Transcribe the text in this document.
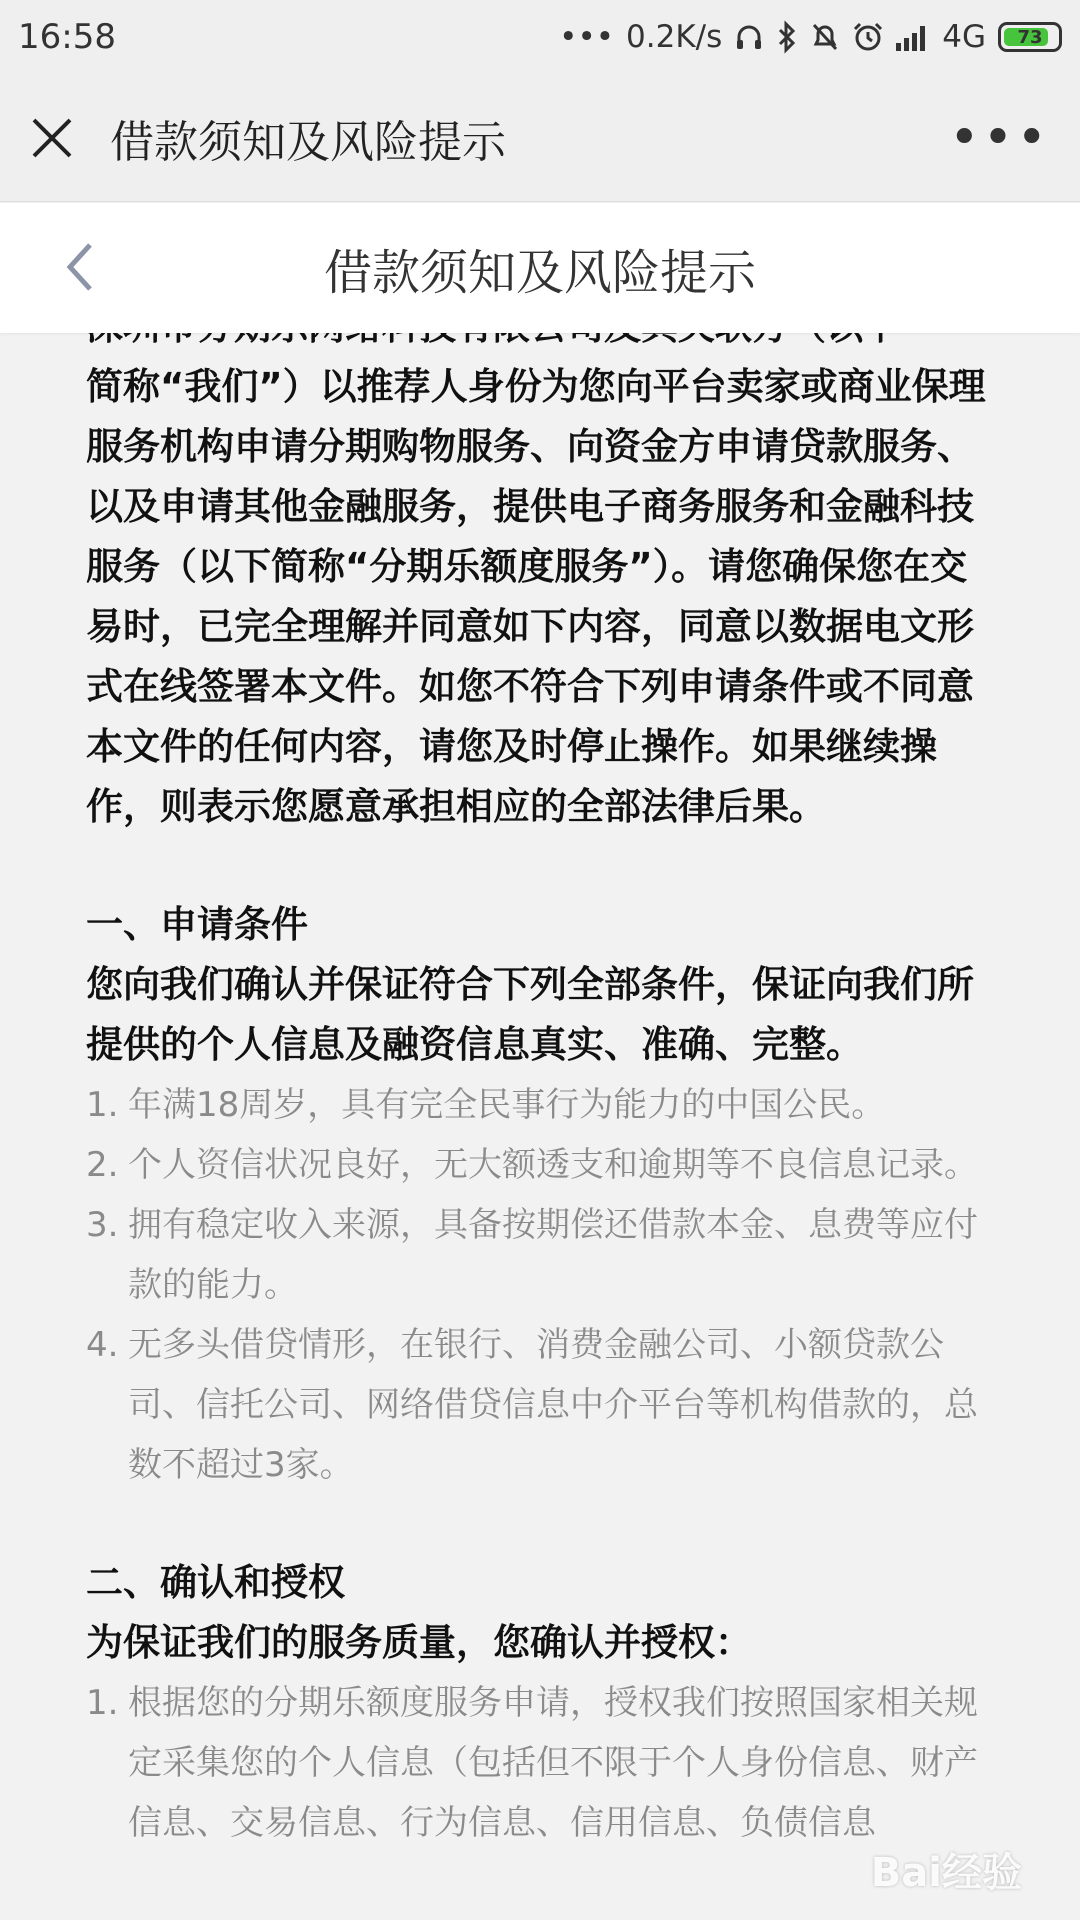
16:58	••• 0.2K/s	4G 73
借款须知及风险提示	•••
借款须知及风险提示

简称“我们”）以推荐人身份为您向平台卖家或商业保理服务机构申请分期购物服务、向资金方申请贷款服务、以及申请其他金融服务，提供电子商务服务和金融科技服务（以下简称“分期乐额度服务”）。请您确保您在交易时，已完全理解并同意如下内容，同意以数据电文形式在线签署本文件。如您不符合下列申请条件或不同意本文件的任何内容，请您及时停止操作。如果继续操作，则表示您愿意承担相应的全部法律后果。

一、申请条件

您向我们确认并保证符合下列全部条件，保证向我们所提供的个人信息及融资信息真实、准确、完整。

1. 年满18周岁，具有完全民事行为能力的中国公民。
2. 个人资信状况良好，无大额透支和逾期等不良信息记录。
3. 拥有稳定收入来源，具备按期偿还借款本金、息费等应付款的能力。
4. 无多头借贷情形，在银行、消费金融公司、小额贷款公司、信托公司、网络借贷信息中介平台等机构借款的，总数不超过3家。

二、确认和授权

为保证我们的服务质量，您确认并授权：

1. 根据您的分期乐额度服务申请，授权我们按照国家相关规定采集您的个人信息（包括但不限于个人身份信息、财产信息、交易信息、行为信息、信用信息、负债信息
Bai经验
